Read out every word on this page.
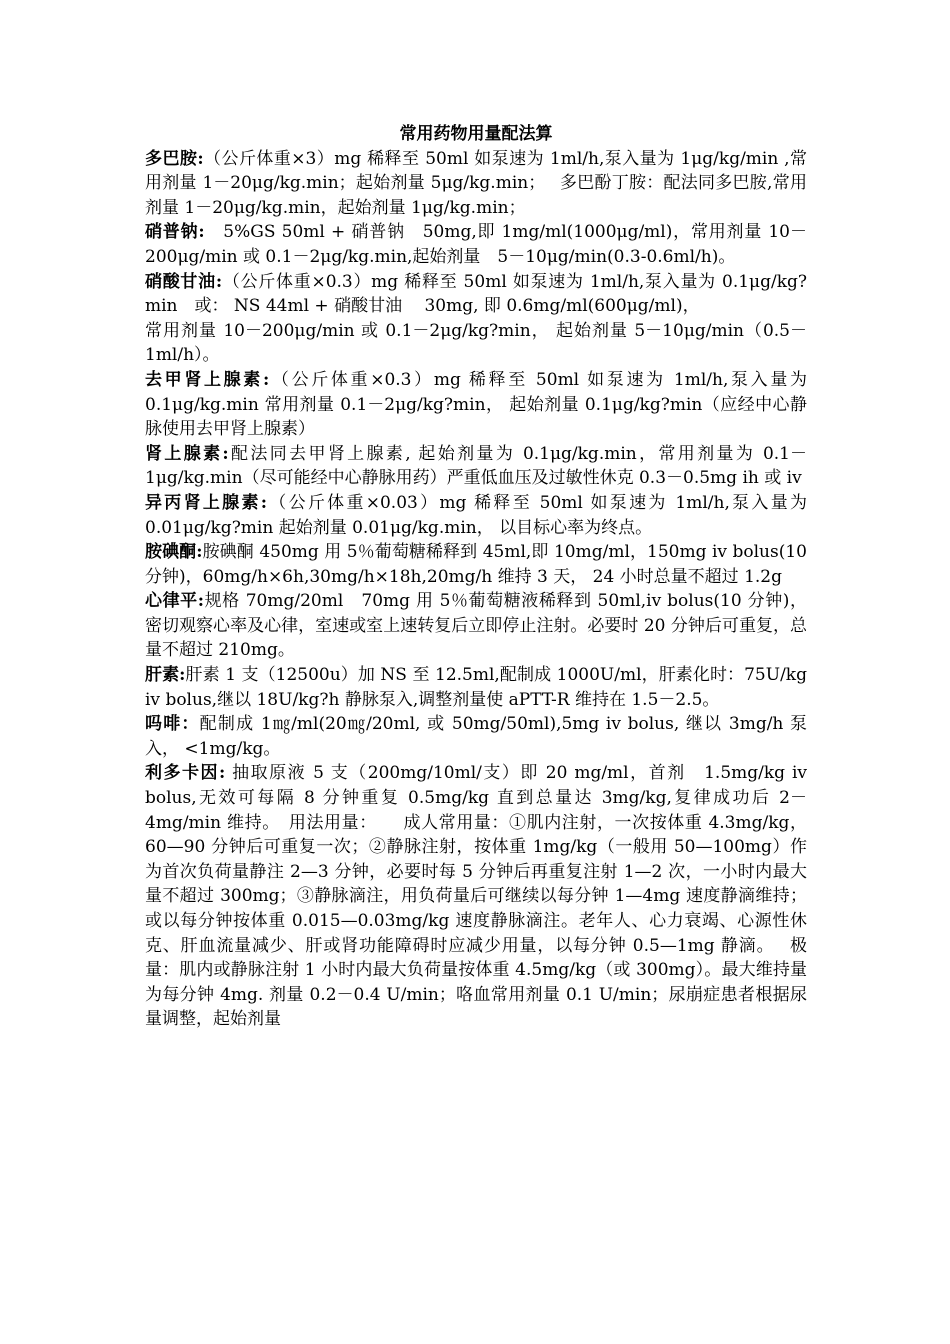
常用药物用量配法算

多巴胺:（公斤体重×3）mg 稀释至 50ml 如泵速为 1ml/h,泵入量为 1μg/kg/min ,常用剂量 1－20μg/kg.min；起始剂量 5μg/kg.min；　 多巴酚丁胺：配法同多巴胺,常用剂量 1－20μg/kg.min，起始剂量 1μg/kg.min；

硝普钠:　5%GS 50ml + 硝普钠　50mg,即 1mg/ml(1000μg/ml)，常用剂量 10－200μg/min 或 0.1－2μg/kg.min,起始剂量　5－10μg/min(0.3-0.6ml/h)。

硝酸甘油:（公斤体重×0.3）mg 稀释至 50ml 如泵速为 1ml/h,泵入量为 0.1μg/kg?min　或： NS 44ml + 硝酸甘油　 30mg, 即 0.6mg/ml(600μg/ml)，

常用剂量 10－200μg/min 或 0.1－2μg/kg?min， 起始剂量 5－10μg/min（0.5－1ml/h）。

去甲肾上腺素:（公斤体重×0.3）mg 稀释至 50ml 如泵速为 1ml/h,泵入量为 0.1μg/kg.min 常用剂量 0.1－2μg/kg?min， 起始剂量 0.1μg/kg?min（应经中心静脉使用去甲肾上腺素）

肾上腺素:配法同去甲肾上腺素, 起始剂量为 0.1μg/kg.min，常用剂量为 0.1－1μg/kg.min（尽可能经中心静脉用药）严重低血压及过敏性休克 0.3－0.5mg ih 或 iv

异丙肾上腺素:（公斤体重×0.03）mg 稀释至 50ml 如泵速为 1ml/h,泵入量为 0.01μg/kg?min 起始剂量 0.01μg/kg.min， 以目标心率为终点。

胺碘酮:胺碘酮 450mg 用 5％葡萄糖稀释到 45ml,即 10mg/ml，150mg iv bolus(10 分钟)，60mg/h×6h,30mg/h×18h,20mg/h 维持 3 天， 24 小时总量不超过 1.2g

心律平:规格 70mg/20ml　70mg 用 5％葡萄糖液稀释到 50ml,iv bolus(10 分钟)，密切观察心率及心律，室速或室上速转复后立即停止注射。必要时 20 分钟后可重复，总量不超过 210mg。

肝素:肝素 1 支（12500u）加 NS 至 12.5ml,配制成 1000U/ml，肝素化时：75U/kg iv bolus,继以 18U/kg?h 静脉泵入,调整剂量使 aPTT-R 维持在 1.5－2.5。

吗啡：配制成 1㎎/ml(20㎎/20ml, 或 50mg/50ml),5mg iv bolus, 继以 3mg/h 泵入， <1mg/kg。

利多卡因: 抽取原液 5 支（200mg/10ml/支）即 20 mg/ml，首剂　1.5mg/kg iv bolus,无效可每隔 8 分钟重复 0.5mg/kg 直到总量达 3mg/kg,复律成功后 2－4mg/min 维持。　用法用量：　　成人常用量：①肌内注射，一次按体重 4.3mg/kg，60—90 分钟后可重复一次；②静脉注射，按体重 1mg/kg（一般用 50—100mg）作为首次负荷量静注 2—3 分钟，必要时每 5 分钟后再重复注射 1—2 次，一小时内最大量不超过 300mg；③静脉滴注，用负荷量后可继续以每分钟 1—4mg 速度静滴维持；或以每分钟按体重 0.015—0.03mg/kg 速度静脉滴注。老年人、心力衰竭、心源性休克、肝血流量减少、肝或肾功能障碍时应减少用量，以每分钟 0.5—1mg 静滴。　 极量：肌内或静脉注射 1 小时内最大负荷量按体重 4.5mg/kg（或 300mg）。最大维持量为每分钟 4mg. 剂量 0.2－0.4 U/min；咯血常用剂量 0.1 U/min；尿崩症患者根据尿量调整，起始剂量
